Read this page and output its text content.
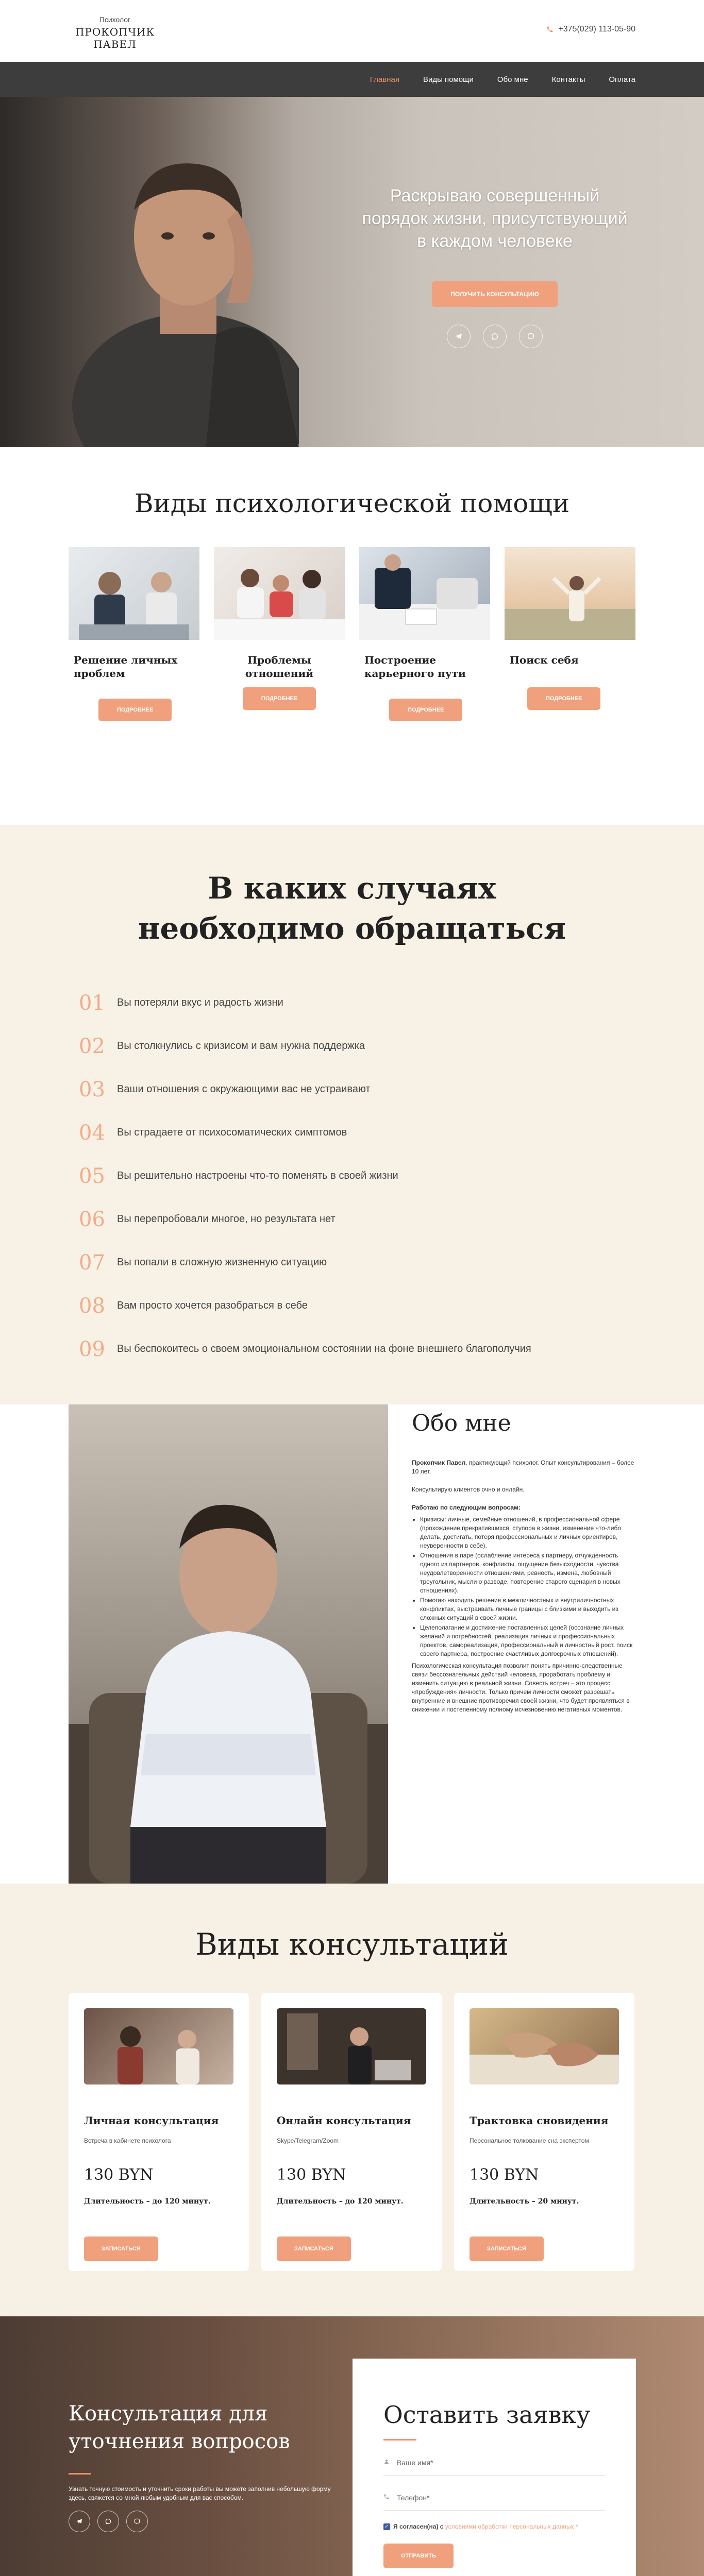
Психолог
ПРОКОПЧИК ПАВЕЛ
+375(029) 113-05-90
Главная	Виды помощи	Обо мне	Контакты	Оплата
Раскрываю совершенный порядок жизни, присутствующий в каждом человеке
ПОЛУЧИТЬ КОНСУЛЬТАЦИЮ
Виды психологической помощи
Решение личных проблем
ПОДРОБНЕЕ
Проблемы отношений
ПОДРОБНЕЕ
Построение карьерного пути
ПОДРОБНЕЕ
Поиск себя
ПОДРОБНЕЕ
В каких случаях необходимо обращаться
01	Вы потеряли вкус и радость жизни
02	Вы столкнулись с кризисом и вам нужна поддержка
03	Ваши отношения с окружающими вас не устраивают
04	Вы страдаете от психосоматических симптомов
05	Вы решительно настроены что-то поменять в своей жизни
06	Вы перепробовали многое, но результата нет
07	Вы попали в сложную жизненную ситуацию
08	Вам просто хочется разобраться в себе
09	Вы беспокоитесь о своем эмоциональном состоянии на фоне внешнего благополучия
Обо мне

Прокопчик Павел, практикующий психолог. Опыт консультирования – более 10 лет.

Консультирую клиентов очно и онлайн.

Работаю по следующим вопросам:

• Кризисы: личные, семейные отношений, в профессиональной сфере (прохождение прекратившихся, ступора в жизни, изменение что-либо делать, достигать, потеря профессиональных и личных ориентиров, неуверенности в себе).
• Отношения в паре (ослабление интереса к партнеру, отчужденность одного из партнеров, конфликты, ощущение безысходности, чувства неудовлетворенности отношениями, ревность, измена, любовный треугольник, мысли о разводе, повторение старого сценария в новых отношениях).
• Помогаю находить решения в межличностных и внутриличностных конфликтах, выстраивать личные границы с близкими и выходить из сложных ситуаций в своей жизни.
• Целеполагание и достижение поставленных целей (осознание личных желаний и потребностей, реализация личных и профессиональных проектов, самореализация, профессиональный и личностный рост, поиск своего партнера, построение счастливых долгосрочных отношений).

Психологическая консультация позволит понять причинно-следственные связи бессознательных действий человека, проработать проблему и изменить ситуацию в реальной жизни. Совесть встреч – это процесс «пробуждения» личности. Только причем личности сможет разрешать внутренние и внешние противоречия своей жизни, что будет проявляться в снижении и постепенному полному исчезновению негативных моментов.

Виды консультаций
Личная консультация
Встреча в кабинете психолога
130 BYN
Длительность – до 120 минут.
ЗАПИСАТЬСЯ
Онлайн консультация
Skype/Telegram/Zoom
130 BYN
Длительность – до 120 минут.
ЗАПИСАТЬСЯ
Трактовка сновидения
Персональное толкование сна экспертом
130 BYN
Длительность – 20 минут.
ЗАПИСАТЬСЯ
Консультация для уточнения вопросов

Узнать точную стоимость и уточнить сроки работы вы можете заполнив небольшую форму здесь, свяжется со мной любым удобным для вас способом.

Оставить заявку
Ваше имя*
Телефон*
✓ Я согласен(на) с условиями обработки персональных данных *
ОТПРАВИТЬ
